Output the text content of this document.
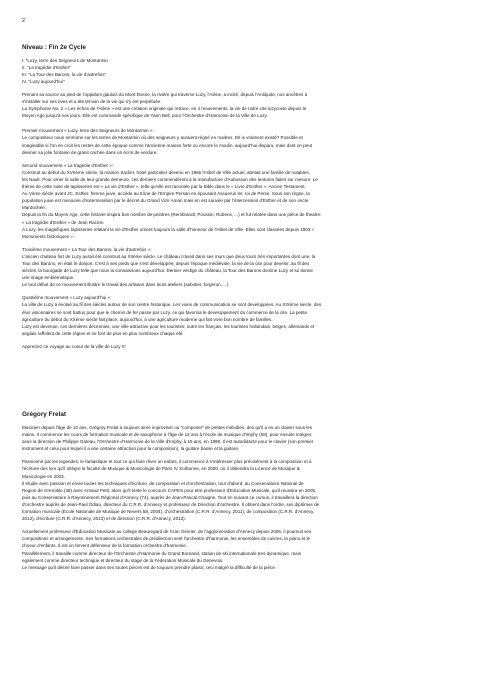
2
Niveau : Fin 2e Cycle
I. "Luzy, terre des Seigneurs de Montarmin
II. "La tragédie d'Esther"
III. "La Tour des Barons, la vie d'autrefois"
IV. "Luzy aujourd'hui"
Prenant sa source au pied de l'oppidum gaulois du Mont Dosne, la rivière qui traverse Luzy, l'Alène, a incité, depuis l'Antiquité, nos ancêtres à
s'installer sur ses rives et a été témoin de la vie qui s'y est perpétuée.
La Symphonie No. 2 « Les échos de l'Alène » est une création originale qui retrace, en 4 mouvements, la vie de notre cite luzycoise depuis le
Moyen Age jusqu'à nos jours. Elle est commande spécifique de Yann Bell, pour l'Orchestre d'Harmonie de la Ville de Luzy.
Premier mouvement « Luzy, terre des Seigneurs de Montarmin »:
Le compositeur nous emmène sur les terres de Montarmin où des seigneurs y auraient régné en maitres. Dit is vraiment existé? Possible et
imaginable si l'on en croit les restes de cette époque comme l'ancienne maison forte ou encore le moulin, aujourd'hui disparu, mais dont on peut
deviner sa jolie fontaine de granit cachée dans un écrin de verdure.
Second mouvement « La tragédie d'Esther »:
Construit au début du XVIIème siècle, la maison Saclier, hotel particulier devenu en 1966 l'Hôtel de Ville actuel, abritait une famille de notables,
les Nault. Pour orner la salle de leur grande demeure, ces derniers commendèrent à la manufacture d'Aubusson des tentures faites sur mesure. Le
thème de cette suite de tapisseries est « La vie d'Esther », telle qu'elle est racontée par la Bible dans le « Livre d'Esther », Ancien Testament.
Au Vème siècle avant JC, Esther, femme juive, accède au trône de l'Empire Persan en épousant Assuerus ler, roi de Perse. Sous son règne, la
population juive est menacée d'extermination par le décret du Grand Vizir Aman mais en est sauvée par l'intercession d'Esther et de son oncle
Mardochée.
Depuis la fin du Moyen Age, cette histoire inspira bon nombre de peintres (Rembrandt, Poussin, Rubens, ...) et fut relatée dans une pièce de theatre:
« La tragédie d'Esther » de Jean Racine.
A Luzy, les magnifiques tapisseries relatant la vie d'Esther ornent toujours la salle d'honneur de l'Hôtel de Ville. Elles sont classées depuis 1903 «
Monuments historiques ».
Troisième mouvement « La Tour des Barons, la vie d'autrefois »:
L'ancien chateau fort de Luzy aurait été construit au XIIème siècle. Le château n'avait dans ses murs que deux tours très importantes dont une, la
Tour des Barons, en était le donjon. C'est à ses pieds que s'est développée, depuis l'époque médiévale, la vie de la cite pour devenir, au fil des
siècles, la bourgade de Luzy telle que nous la connaissons aujourd'hui. Dernier vestige du château, la Tour des Barons domine Luzy et lui donne
une image emblématique.
Le tout début de ce mouvement illustre le travail des artisans dans leurs ateliers (sabotier, forgeron, ...)
Quatrième mouvement « Luzy aujourd'hui »:
La ville de Luzy a évolué au fil des siècles autour de son centre historique. Les voies de communication se sont developpées. Au XIXème siecle, des
élus visionnaires se sont battus pour que le chemin de fer passe par Luzy, ce qui favorisa le developpement du commerce de la cite. La petite
agriculture du début du XXème siècle fait place, aujourd'hui, à une agriculture moderne qui fait vivre bon nombre de familles.
Luzy est devenue, ces dernières décennies, une ville attractive pour les touristes; outre les français, les touristes hollandais, belges, allemands et
anglais raffolent de cette région et se font de plus en plus nombreux chaque été.
Appreciez ce voyage au coeur de la ville de Luzy !!!
Grégory Frelat
Musicien depuis l'âge de 10 ans, Grégory Frelat a toujours aimé improviser ou "composer" de petites mélodies, des qu'il a eu un clavier sous les
mains. Il commence les cours de formation musicale et de saxophone à l'âge de 12 ans à l'école de musique d'Imphy (58), pour ensuite intégrer,
sous la direction de Philippe Gateau, l'Orchestre d'Harmonie de la Ville d'Imphy, à 15 ans, en 1998. Il est autodidacte pour le clavier (son premier
instrument et celui pour lequel il a une certaine attraction pour la composition), la guitare basse et la guitare.
Passionné par les legendes, le fantastique et tout ce qui faire rêver un enfant, il commence à s'intéresser plus précisément à la composition et à
l'écriture des lors qu'il intègre la faculté de Musique & Musicologie de Paris IV Sorbonne, en 2000, où il obtiendra la Licence de Musique &
Musicologie en 2003.
Il étudie avec passion et envie toutes les techniques d'écriture, de composition et d'orchestration, tout d'abord, au Conservatoire National de
Region de Grenoble (38) avec Arnaud Petit, alors qu'il tente le concours CAPES pour etre professeur d'Education Musicale, qu'il reussira en 2005,
puis au Conservatoire à Rayonnement Régional d'Annecy (74), auprès de Jean-Pascal Chaigne. Tout en suivant ce cursus, il travaillera la direction
d'orchestre auprès de Jean-Paul Odiau, directeur du C.R.R. d'Annecy et professeur de Direction d'orchestre. Il obtient dans l'ordre, ses diplômes de
formation musicale (Ecole Nationale de Musique de Nevers 58, 2004), d'orchestration (C.R.R. d'Annecy, 2011), de composition (C.R.R. d'Annecy,
2012), d'écriture (C.R.R. d'Annecy, 2013) et de direction (C.R.R. d'Annecy, 2013).
Actuellement professeur d'Education Musicale au college Beauregard de Cran Gevrier, de l'agglomération d'Annecy depuis 2006, il poursuit ses
compositions et arrangements. Ses formations orchestrales de prédilection sont l'orchestre d'harmonie, les ensembles de cuivres, la piano et le
choeur d'enfants. Il est un fervent défenseur de la formation orchestre d'harmonie.
Parallèlement, il travaille comme directeur de l'Orchestre d'Harmonie du Grand Bornand, station de ski internationale tres dynamique, mais
egalement comme directeur technique et directeur du stage de la Federation Musicale du Genevois.
Le message qu'il désire faire passer dans ses toutes pièces est de toujours prendre plaisir, ceci malgré la difficulté de la pièce.
